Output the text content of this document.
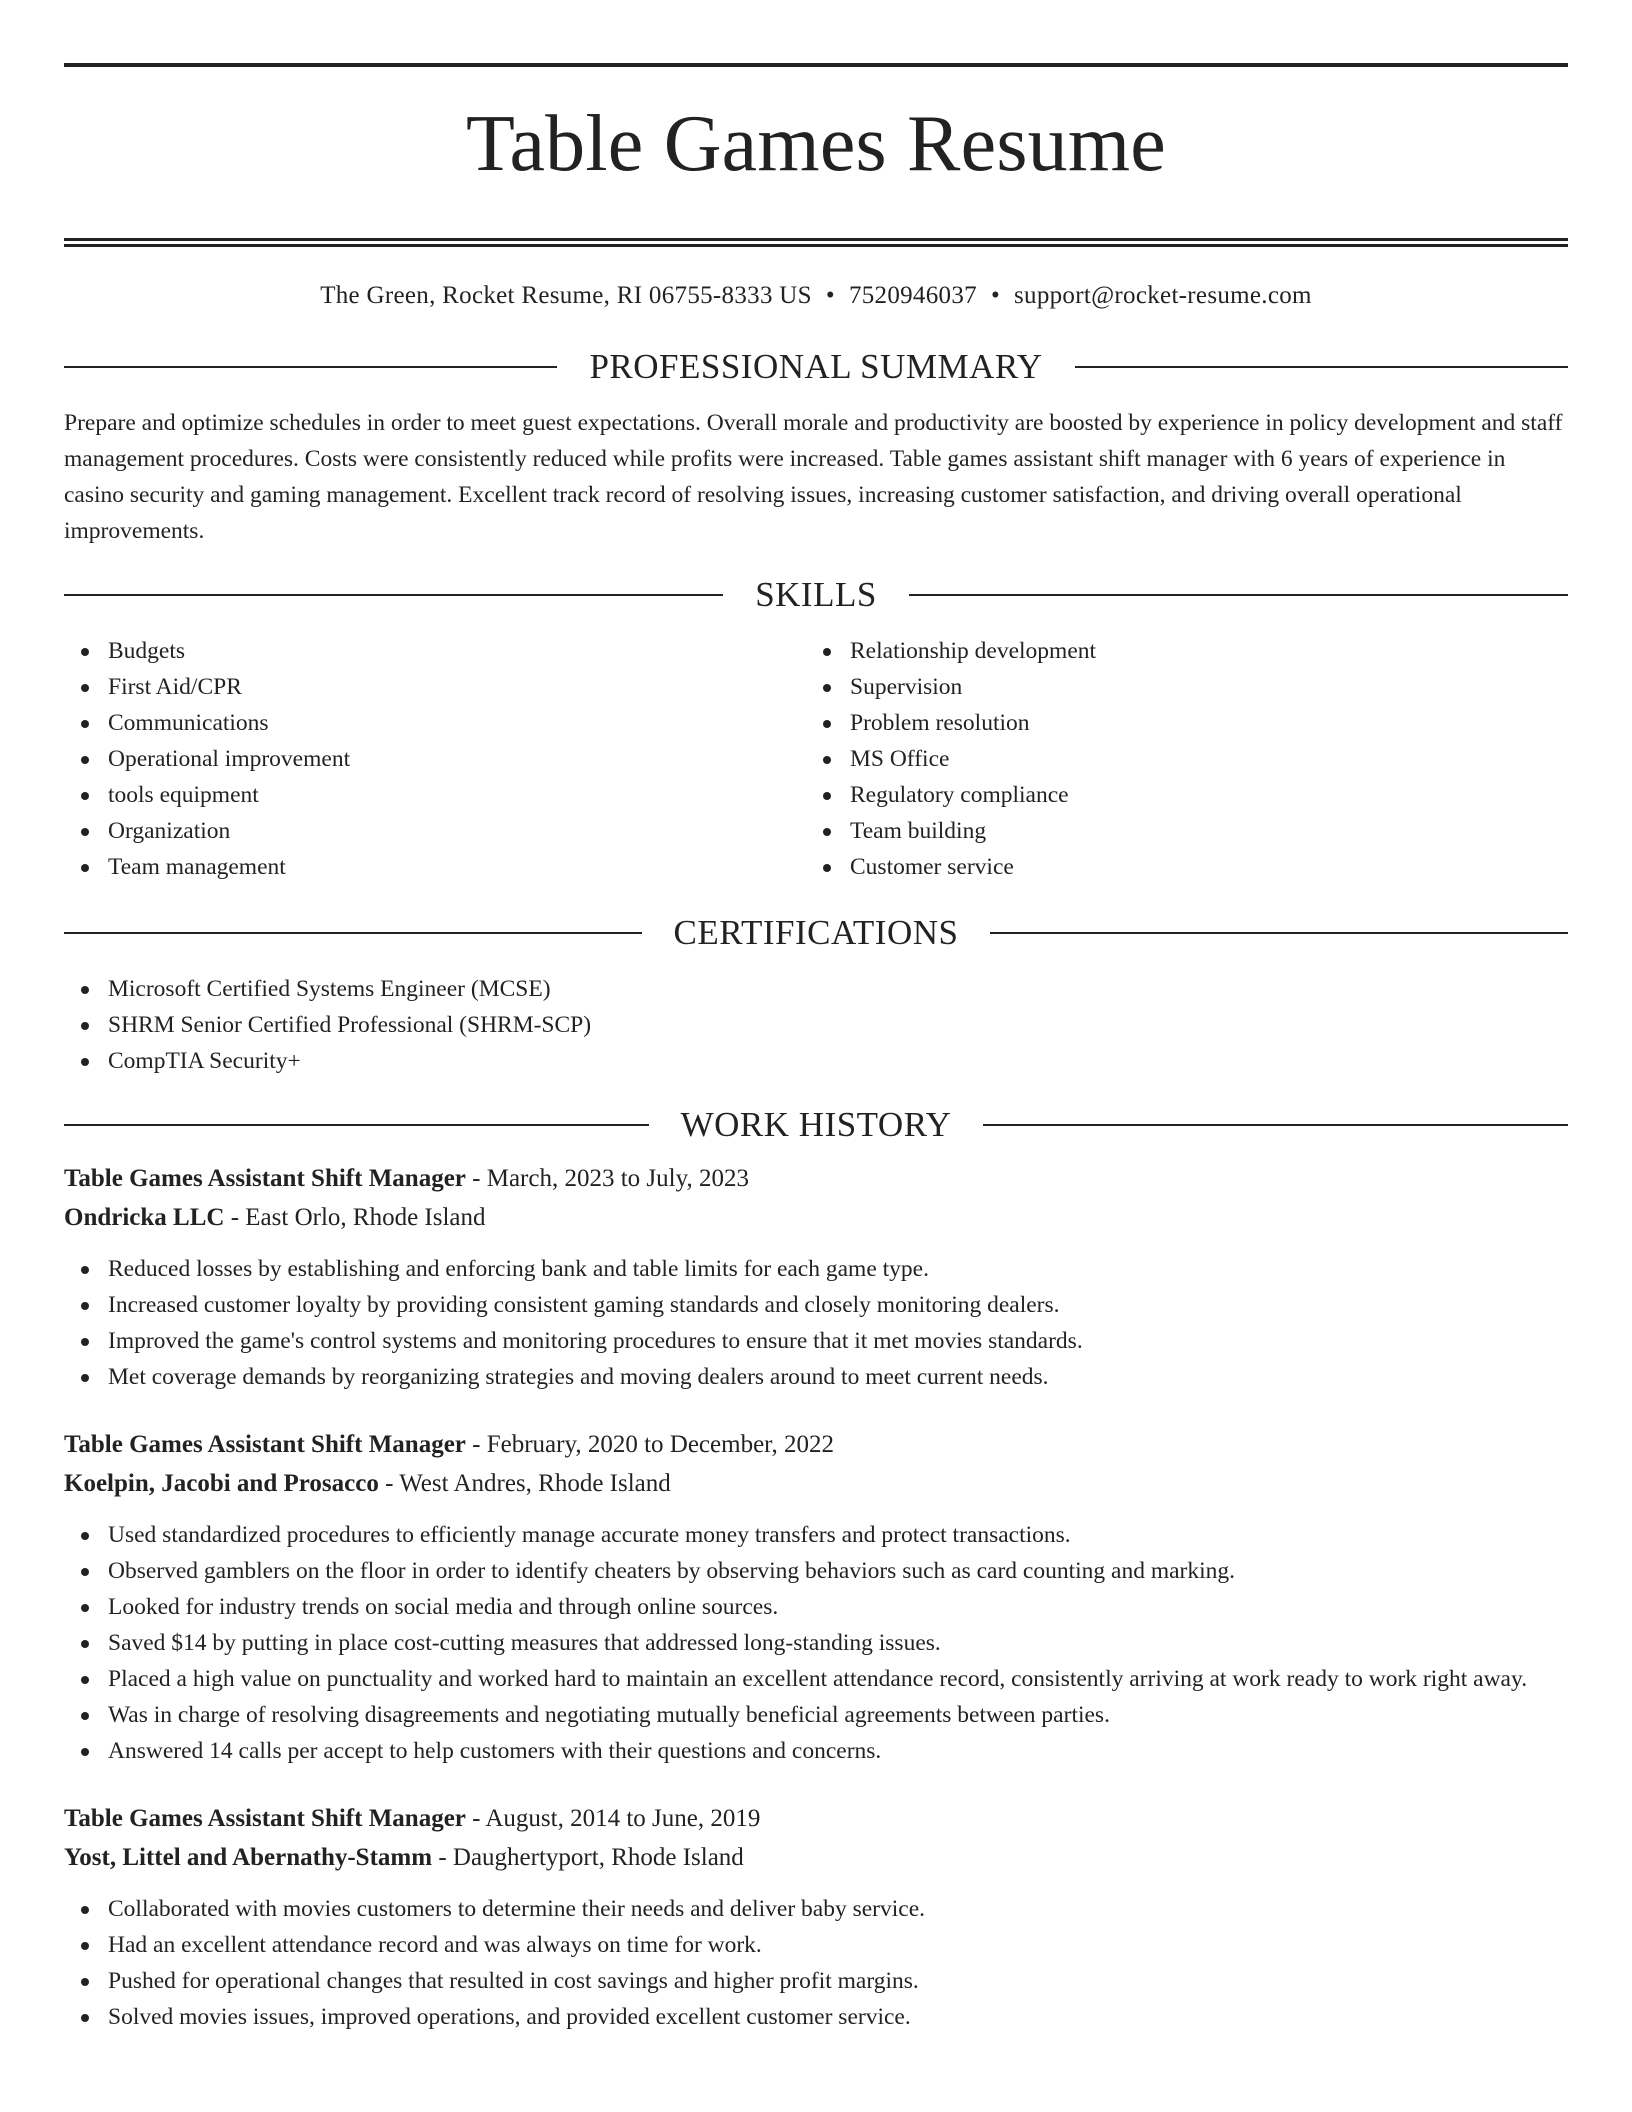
Table Games Resume
The Green, Rocket Resume, RI 06755-8333 US • 7520946037 • support@rocket-resume.com
PROFESSIONAL SUMMARY

Prepare and optimize schedules in order to meet guest expectations. Overall morale and productivity are boosted by experience in policy development and staff management procedures. Costs were consistently reduced while profits were increased. Table games assistant shift manager with 6 years of experience in casino security and gaming management. Excellent track record of resolving issues, increasing customer satisfaction, and driving overall operational improvements.

SKILLS
Budgets
First Aid/CPR
Communications
Operational improvement
tools equipment
Organization
Team management
Relationship development
Supervision
Problem resolution
MS Office
Regulatory compliance
Team building
Customer service
CERTIFICATIONS
Microsoft Certified Systems Engineer (MCSE)
SHRM Senior Certified Professional (SHRM-SCP)
CompTIA Security+
WORK HISTORY
Table Games Assistant Shift Manager - March, 2023 to July, 2023
Ondricka LLC - East Orlo, Rhode Island
Reduced losses by establishing and enforcing bank and table limits for each game type.
Increased customer loyalty by providing consistent gaming standards and closely monitoring dealers.
Improved the game's control systems and monitoring procedures to ensure that it met movies standards.
Met coverage demands by reorganizing strategies and moving dealers around to meet current needs.
Table Games Assistant Shift Manager - February, 2020 to December, 2022
Koelpin, Jacobi and Prosacco - West Andres, Rhode Island
Used standardized procedures to efficiently manage accurate money transfers and protect transactions.
Observed gamblers on the floor in order to identify cheaters by observing behaviors such as card counting and marking.
Looked for industry trends on social media and through online sources.
Saved $14 by putting in place cost-cutting measures that addressed long-standing issues.
Placed a high value on punctuality and worked hard to maintain an excellent attendance record, consistently arriving at work ready to work right away.
Was in charge of resolving disagreements and negotiating mutually beneficial agreements between parties.
Answered 14 calls per accept to help customers with their questions and concerns.
Table Games Assistant Shift Manager - August, 2014 to June, 2019
Yost, Littel and Abernathy-Stamm - Daughertyport, Rhode Island
Collaborated with movies customers to determine their needs and deliver baby service.
Had an excellent attendance record and was always on time for work.
Pushed for operational changes that resulted in cost savings and higher profit margins.
Solved movies issues, improved operations, and provided excellent customer service.
